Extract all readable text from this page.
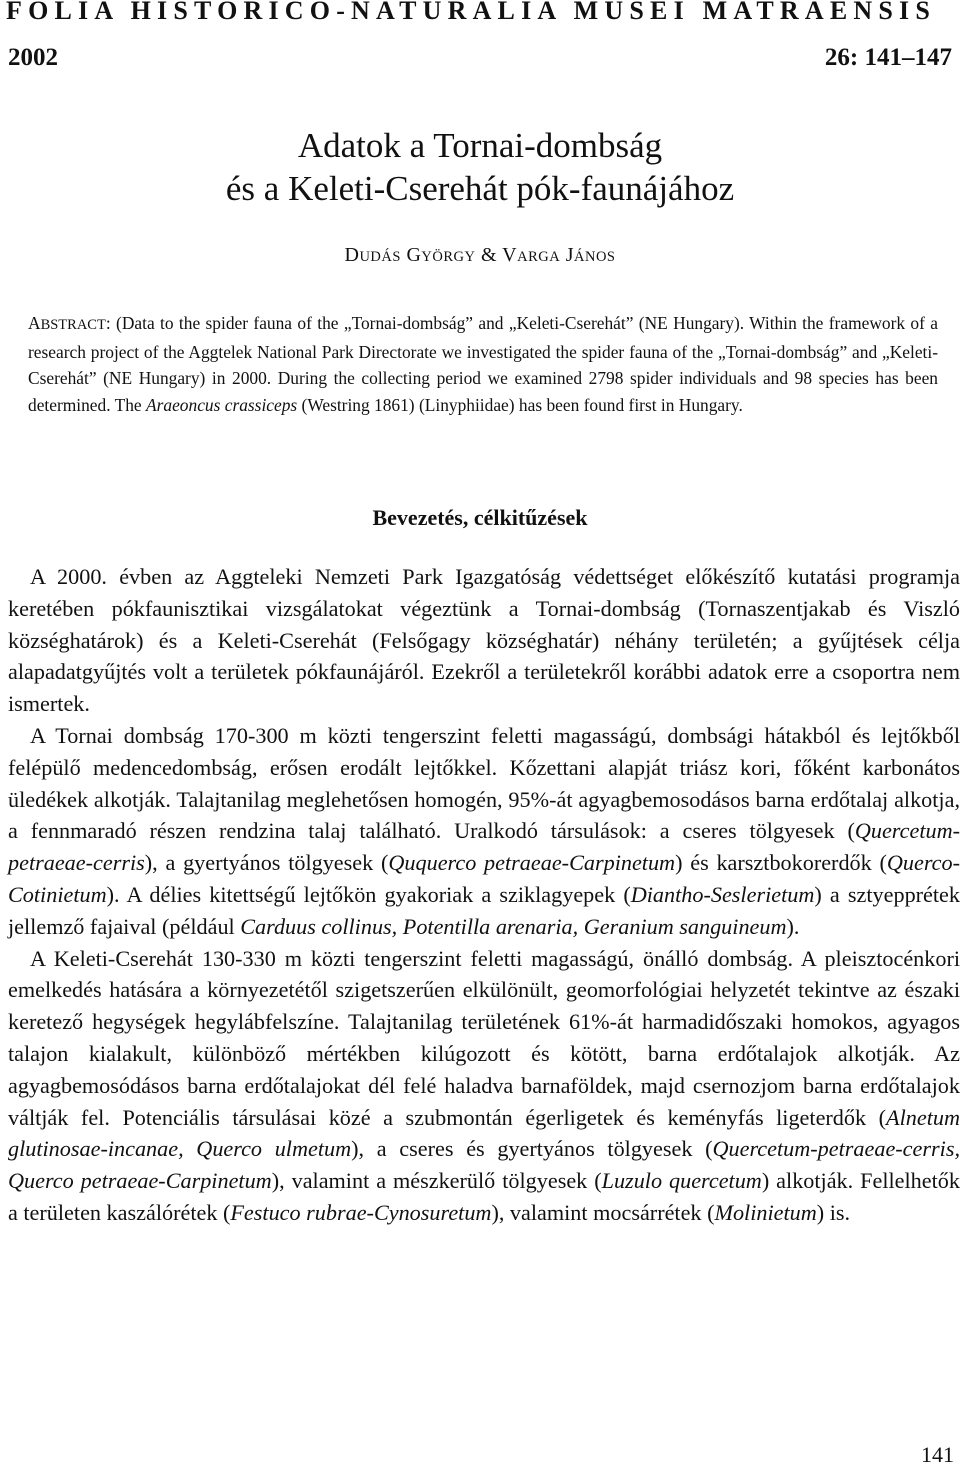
FOLIA HISTORICO-NATURALIA MUSEI MATRAENSIS
2002	26: 141–147
Adatok a Tornai-dombság
és a Keleti-Cserehát pók-faunájához
DUDÁS GYÖRGY & VARGA JÁNOS
ABSTRACT: (Data to the spider fauna of the „Tornai-dombság” and „Keleti-Cserehát” (NE Hungary). Within the framework of a research project of the Aggtelek National Park Directorate we investigated the spider fauna of the „Tornai-dombság” and „Keleti-Cserehát” (NE Hungary) in 2000. During the collecting period we examined 2798 spider individuals and 98 species has been determined. The Araeoncus crassiceps (Westring 1861) (Linyphiidae) has been found first in Hungary.
Bevezetés, célkitűzések

A 2000. évben az Aggteleki Nemzeti Park Igazgatóság védettséget előkészítő kutatási programja keretében pókfaunisztikai vizsgálatokat végeztünk a Tornai-dombság (Tornaszentjakab és Viszló községhatárok) és a Keleti-Cserehát (Felsőgagy községhatár) néhány területén; a gyűjtések célja alapadatgyűjtés volt a területek pókfaunájáról. Ezekről a területekről korábbi adatok erre a csoportra nem ismertek.

A Tornai dombság 170-300 m közti tengerszint feletti magasságú, dombsági hátakból és lejtőkből felépülő medencedombság, erősen erodált lejtőkkel. Kőzettani alapját triász kori, főként karbonátos üledékek alkotják. Talajtanilag meglehetősen homogén, 95%-át agyagbemosodásos barna erdőtalaj alkotja, a fennmaradó részen rendzina talaj található. Uralkodó társulások: a cseres tölgyesek (Quercetum-petraeae-cerris), a gyertyános tölgyesek (Ququerco petraeae-Carpinetum) és karsztbokorerdők (Querco-Cotinietum). A délies kitettségű lejtőkön gyakoriak a sziklagyepek (Diantho-Seslerietum) a sztyepprétek jellemző fajaival (például Carduus collinus, Potentilla arenaria, Geranium sanguineum).

A Keleti-Cserehát 130-330 m közti tengerszint feletti magasságú, önálló dombság. A pleisztocénkori emelkedés hatására a környezetétől szigetszerűen elkülönült, geomorfológiai helyzetét tekintve az északi keretező hegységek hegylábfelszíne. Talajtanilag területének 61%-át harmadidőszaki homokos, agyagos talajon kialakult, különböző mértékben kilúgozott és kötött, barna erdőtalajok alkotják. Az agyagbemosódásos barna erdőtalajokat dél felé haladva barnaföldek, majd csernozjom barna erdőtalajok váltják fel. Potenciális társulásai közé a szubmontán égerligetek és keményfás ligeterdők (Alnetum glutinosae-incanae, Querco ulmetum), a cseres és gyertyános tölgyesek (Quercetum-petraeae-cerris, Querco petraeae-Carpinetum), valamint a mészkerülő tölgyesek (Luzulo quercetum) alkotják. Fellelhetők a területen kaszálórétek (Festuco rubrae-Cynosuretum), valamint mocsárrétek (Molinietum) is.

141
